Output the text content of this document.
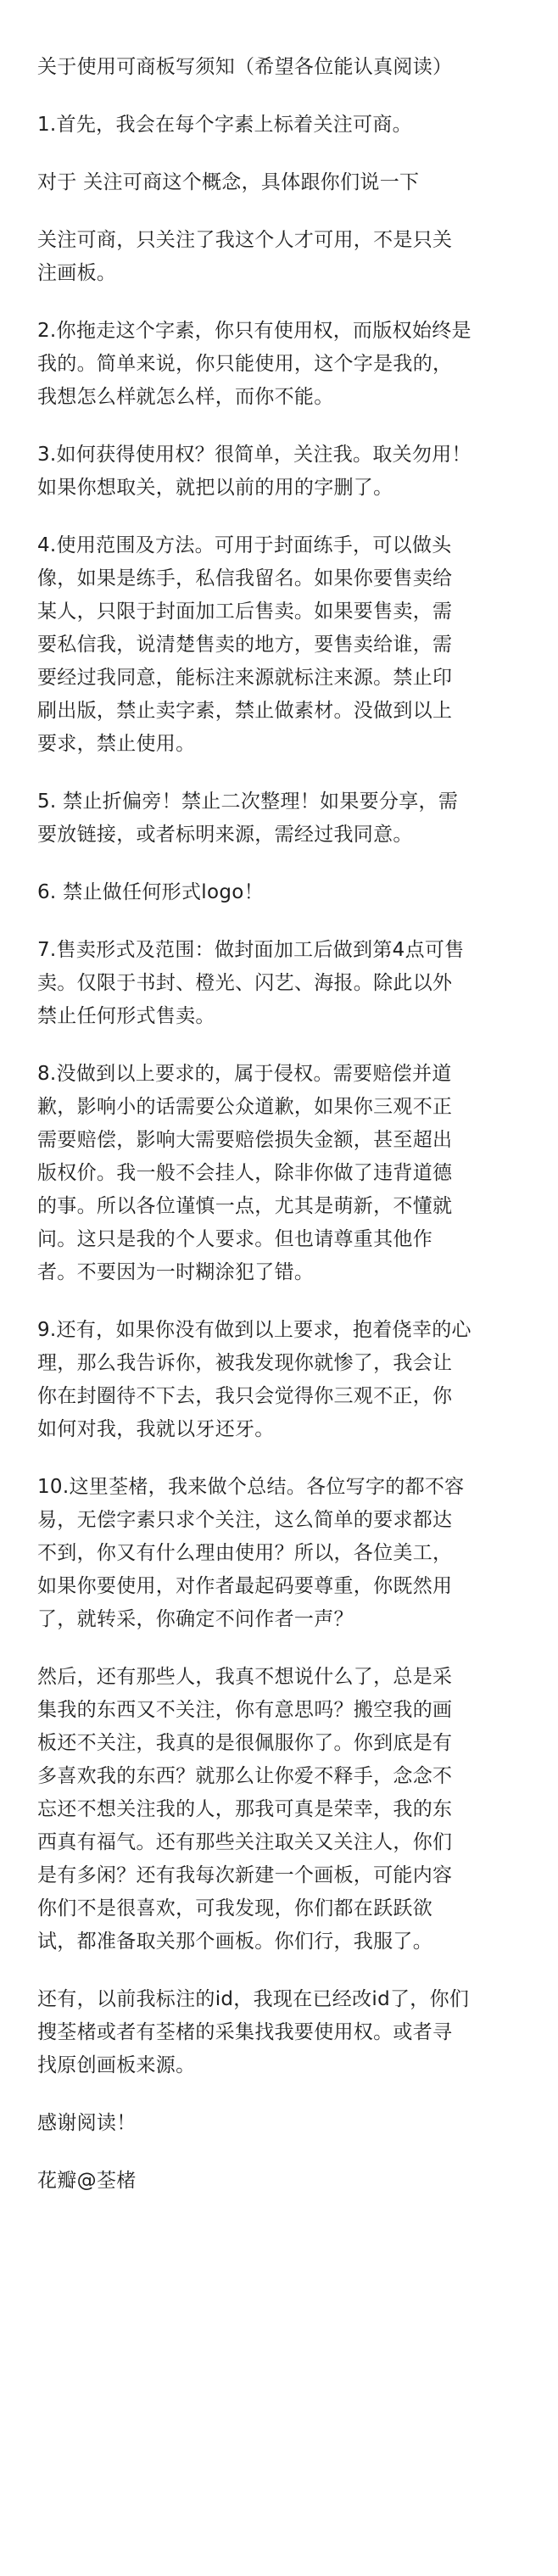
关于使用可商板写须知（希望各位能认真阅读）

1.首先，我会在每个字素上标着关注可商。

对于 关注可商这个概念，具体跟你们说一下

关注可商，只关注了我这个人才可用，不是只关

注画板。

2.你拖走这个字素，你只有使用权，而版权始终是

我的。简单来说，你只能使用，这个字是我的，

我想怎么样就怎么样，而你不能。

3.如何获得使用权？很简单，关注我。取关勿用！

如果你想取关，就把以前的用的字删了。

4.使用范围及方法。可用于封面练手，可以做头

像，如果是练手，私信我留名。如果你要售卖给

某人，只限于封面加工后售卖。如果要售卖，需

要私信我，说清楚售卖的地方，要售卖给谁，需

要经过我同意，能标注来源就标注来源。禁止印

刷出版，禁止卖字素，禁止做素材。没做到以上

要求，禁止使用。

5. 禁止折偏旁！禁止二次整理！如果要分享，需

要放链接，或者标明来源，需经过我同意。

6. 禁止做任何形式logo！

7.售卖形式及范围：做封面加工后做到第4点可售

卖。仅限于书封、橙光、闪艺、海报。除此以外

禁止任何形式售卖。

8.没做到以上要求的，属于侵权。需要赔偿并道

歉，影响小的话需要公众道歉，如果你三观不正

需要赔偿，影响大需要赔偿损失金额，甚至超出

版权价。我一般不会挂人，除非你做了违背道德

的事。所以各位谨慎一点，尤其是萌新，不懂就

问。这只是我的个人要求。但也请尊重其他作

者。不要因为一时糊涂犯了错。

9.还有，如果你没有做到以上要求，抱着侥幸的心

理，那么我告诉你，被我发现你就惨了，我会让

你在封圈待不下去，我只会觉得你三观不正，你

如何对我，我就以牙还牙。

10.这里荃楮，我来做个总结。各位写字的都不容

易，无偿字素只求个关注，这么简单的要求都达

不到，你又有什么理由使用？所以，各位美工，

如果你要使用，对作者最起码要尊重，你既然用

了，就转采，你确定不问作者一声？

然后，还有那些人，我真不想说什么了，总是采

集我的东西又不关注，你有意思吗？搬空我的画

板还不关注，我真的是很佩服你了。你到底是有

多喜欢我的东西？就那么让你爱不释手，念念不

忘还不想关注我的人，那我可真是荣幸，我的东

西真有福气。还有那些关注取关又关注人，你们

是有多闲？还有我每次新建一个画板，可能内容

你们不是很喜欢，可我发现，你们都在跃跃欲

试，都准备取关那个画板。你们行，我服了。

还有，以前我标注的id，我现在已经改id了，你们

搜荃楮或者有荃楮的采集找我要使用权。或者寻

找原创画板来源。

感谢阅读！

花瓣@荃楮
